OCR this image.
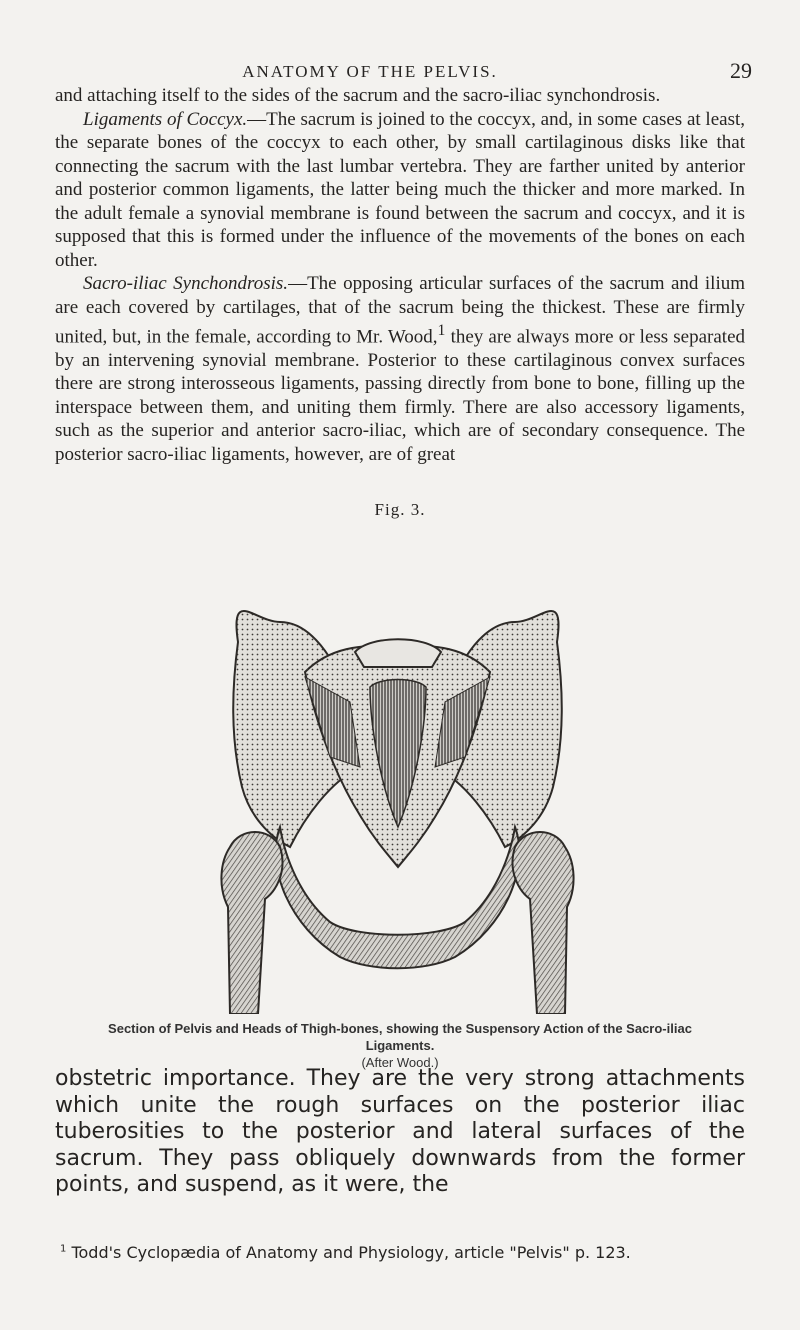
ANATOMY OF THE PELVIS.	29

and attaching itself to the sides of the sacrum and the sacro-iliac synchondrosis.

Ligaments of Coccyx.—The sacrum is joined to the coccyx, and, in some cases at least, the separate bones of the coccyx to each other, by small cartilaginous disks like that connecting the sacrum with the last lumbar vertebra. They are farther united by anterior and posterior common ligaments, the latter being much the thicker and more marked. In the adult female a synovial membrane is found between the sacrum and coccyx, and it is supposed that this is formed under the influence of the movements of the bones on each other.

Sacro-iliac Synchondrosis.—The opposing articular surfaces of the sacrum and ilium are each covered by cartilages, that of the sacrum being the thickest. These are firmly united, but, in the female, according to Mr. Wood,$^1$ they are always more or less separated by an intervening synovial membrane. Posterior to these cartilaginous convex surfaces there are strong interosseous ligaments, passing directly from bone to bone, filling up the interspace between them, and uniting them firmly. There are also accessory ligaments, such as the superior and anterior sacro-iliac, which are of secondary consequence. The posterior sacro-iliac ligaments, however, are of great

Fig. 3.
Section of Pelvis and Heads of Thigh-bones, showing the Suspensory Action of the Sacro-iliac Ligaments.
(After Wood.)

obstetric importance. They are the very strong attachments which unite the rough surfaces on the posterior iliac tuberosities to the posterior and lateral surfaces of the sacrum. They pass obliquely downwards from the former points, and suspend, as it were, the

$^1$ Todd's Cyclopædia of Anatomy and Physiology, article "Pelvis" p. 123.
